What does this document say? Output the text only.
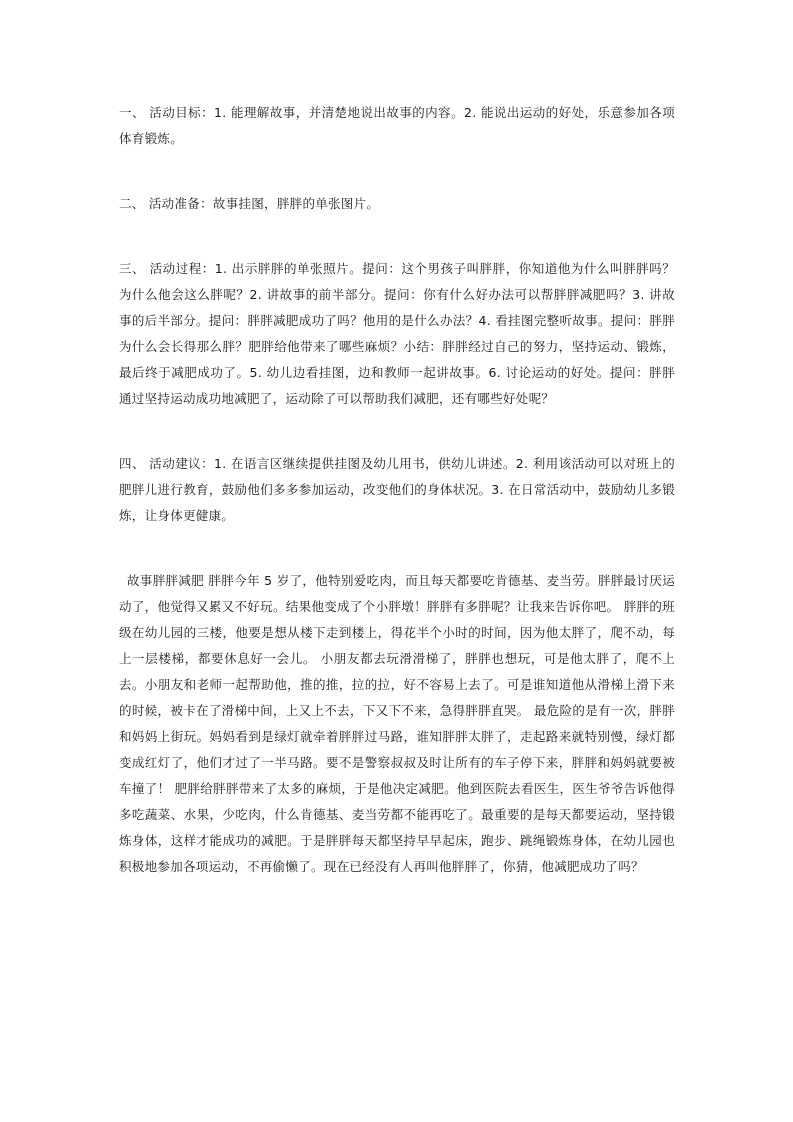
一、 活动目标：1. 能理解故事，并清楚地说出故事的内容。2. 能说出运动的好处，乐意参加各项体育锻炼。

二、 活动准备：故事挂图，胖胖的单张图片。

三、 活动过程：1. 出示胖胖的单张照片。提问：这个男孩子叫胖胖，你知道他为什么叫胖胖吗？为什么他会这么胖呢？2. 讲故事的前半部分。提问：你有什么好办法可以帮胖胖减肥吗？3. 讲故事的后半部分。提问：胖胖减肥成功了吗？他用的是什么办法？4. 看挂图完整听故事。提问：胖胖为什么会长得那么胖？肥胖给他带来了哪些麻烦？小结：胖胖经过自己的努力，坚持运动、锻炼，最后终于减肥成功了。5. 幼儿边看挂图，边和教师一起讲故事。6. 讨论运动的好处。提问：胖胖通过坚持运动成功地减肥了，运动除了可以帮助我们减肥，还有哪些好处呢？

四、 活动建议：1. 在语言区继续提供挂图及幼儿用书，供幼儿讲述。2. 利用该活动可以对班上的肥胖儿进行教育，鼓励他们多多参加运动，改变他们的身体状况。3. 在日常活动中，鼓励幼儿多锻炼，让身体更健康。

故事胖胖减肥 胖胖今年 5 岁了，他特别爱吃肉，而且每天都要吃肯德基、麦当劳。胖胖最讨厌运动了，他觉得又累又不好玩。结果他变成了个小胖墩！胖胖有多胖呢？让我来告诉你吧。 胖胖的班级在幼儿园的三楼，他要是想从楼下走到楼上，得花半个小时的时间，因为他太胖了，爬不动，每上一层楼梯，都要休息好一会儿。 小朋友都去玩滑滑梯了，胖胖也想玩，可是他太胖了，爬不上去。小朋友和老师一起帮助他，推的推，拉的拉，好不容易上去了。可是谁知道他从滑梯上滑下来的时候，被卡在了滑梯中间，上又上不去，下又下不来，急得胖胖直哭。 最危险的是有一次，胖胖和妈妈上街玩。妈妈看到是绿灯就牵着胖胖过马路，谁知胖胖太胖了，走起路来就特别慢，绿灯都变成红灯了，他们才过了一半马路。要不是警察叔叔及时让所有的车子停下来，胖胖和妈妈就要被车撞了！ 肥胖给胖胖带来了太多的麻烦，于是他决定减肥。他到医院去看医生，医生爷爷告诉他得多吃蔬菜、水果，少吃肉，什么肯德基、麦当劳都不能再吃了。最重要的是每天都要运动，坚持锻炼身体，这样才能成功的减肥。于是胖胖每天都坚持早早起床，跑步、跳绳锻炼身体，在幼儿园也积极地参加各项运动，不再偷懒了。现在已经没有人再叫他胖胖了，你猜，他减肥成功了吗？
